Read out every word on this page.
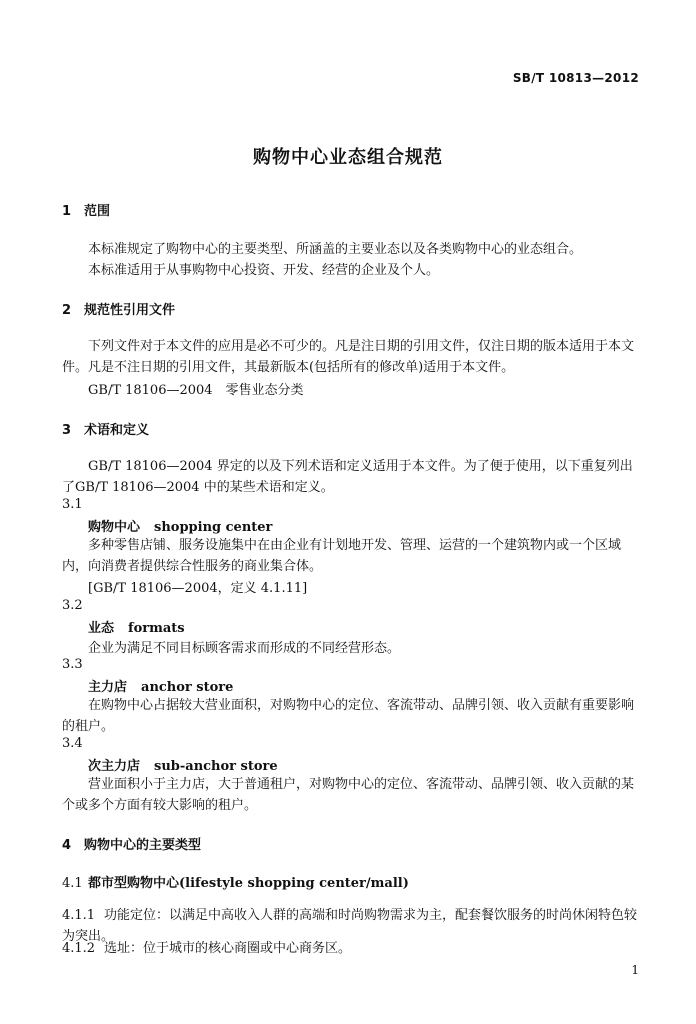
SB/T 10813—2012
购物中心业态组合规范
1 范围
本标准规定了购物中心的主要类型、所涵盖的主要业态以及各类购物中心的业态组合。
本标准适用于从事购物中心投资、开发、经营的企业及个人。
2 规范性引用文件
下列文件对于本文件的应用是必不可少的。凡是注日期的引用文件，仅注日期的版本适用于本文件。凡是不注日期的引用文件，其最新版本(包括所有的修改单)适用于本文件。
GB/T 18106—2004　零售业态分类
3 术语和定义
GB/T 18106—2004 界定的以及下列术语和定义适用于本文件。为了便于使用，以下重复列出了GB/T 18106—2004 中的某些术语和定义。
3.1
购物中心 shopping center
多种零售店铺、服务设施集中在由企业有计划地开发、管理、运营的一个建筑物内或一个区域内，向消费者提供综合性服务的商业集合体。
[GB/T 18106—2004，定义 4.1.11]
3.2
业态 formats
企业为满足不同目标顾客需求而形成的不同经营形态。
3.3
主力店 anchor store
在购物中心占据较大营业面积，对购物中心的定位、客流带动、品牌引领、收入贡献有重要影响的租户。
3.4
次主力店 sub-anchor store
营业面积小于主力店，大于普通租户，对购物中心的定位、客流带动、品牌引领、收入贡献的某个或多个方面有较大影响的租户。
4 购物中心的主要类型
4.1 都市型购物中心(lifestyle shopping center/mall)
4.1.1 功能定位：以满足中高收入人群的高端和时尚购物需求为主，配套餐饮服务的时尚休闲特色较为突出。
4.1.2 选址：位于城市的核心商圈或中心商务区。
1
